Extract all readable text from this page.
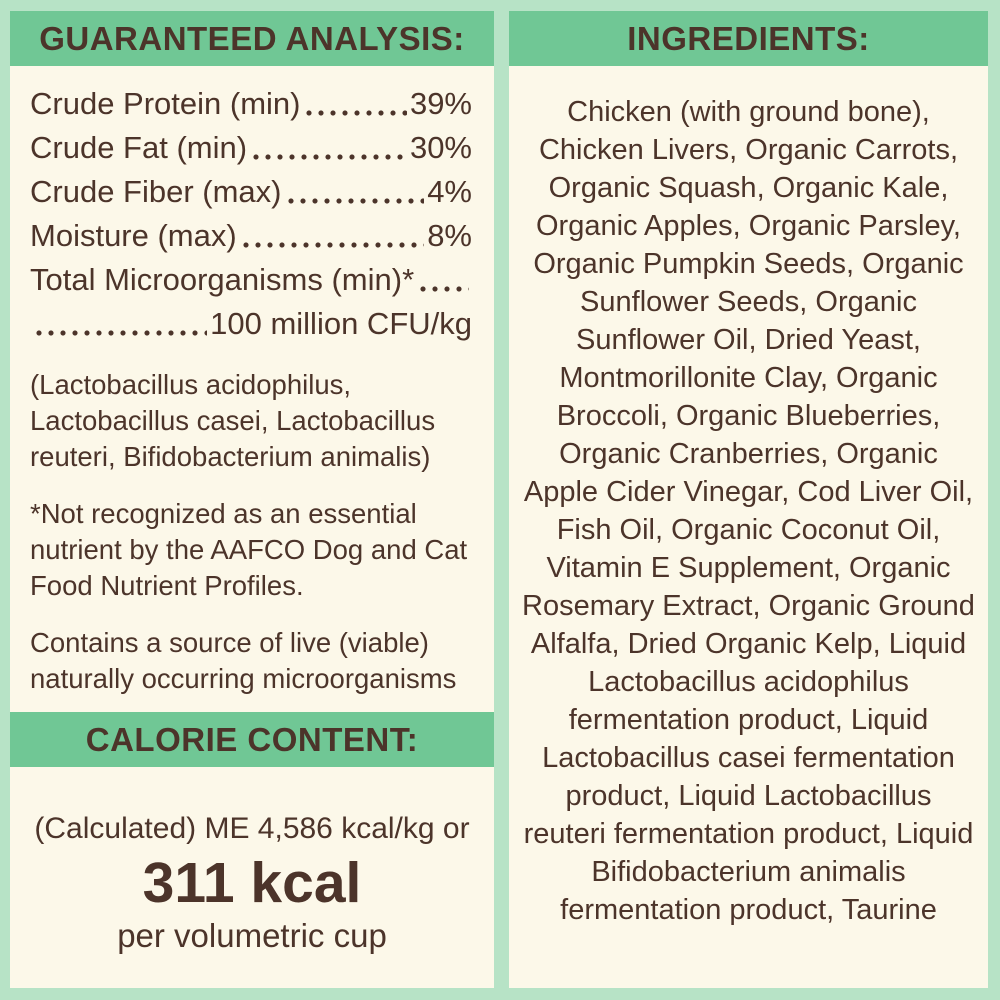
GUARANTEED ANALYSIS:
Crude Protein (min)	39%
Crude Fat (min)	30%
Crude Fiber (max)	4%
Moisture (max)	8%
Total Microorganisms (min)*
100 million CFU/kg

(Lactobacillus acidophilus, Lactobacillus casei, Lactobacillus reuteri, Bifidobacterium animalis)

*Not recognized as an essential nutrient by the AAFCO Dog and Cat Food Nutrient Profiles.

Contains a source of live (viable) naturally occurring microorganisms

CALORIE CONTENT:

(Calculated) ME 4,586 kcal/kg or

311 kcal

per volumetric cup

INGREDIENTS:

Chicken (with ground bone), Chicken Livers, Organic Carrots, Organic Squash, Organic Kale, Organic Apples, Organic Parsley, Organic Pumpkin Seeds, Organic Sunflower Seeds, Organic Sunflower Oil, Dried Yeast, Montmorillonite Clay, Organic Broccoli, Organic Blueberries, Organic Cranberries, Organic Apple Cider Vinegar, Cod Liver Oil, Fish Oil, Organic Coconut Oil, Vitamin E Supplement, Organic Rosemary Extract, Organic Ground Alfalfa, Dried Organic Kelp, Liquid Lactobacillus acidophilus fermentation product, Liquid Lactobacillus casei fermentation product, Liquid Lactobacillus reuteri fermentation product, Liquid Bifidobacterium animalis fermentation product, Taurine
